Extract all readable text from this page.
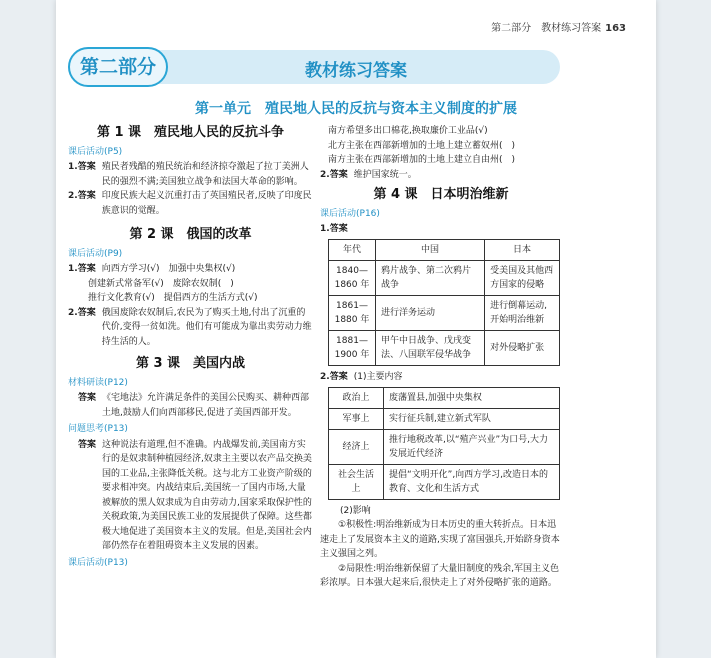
第二部分　教材练习答案 163
第二部分	教材练习答案
第一单元　殖民地人民的反抗与资本主义制度的扩展
第 1 课　殖民地人民的反抗斗争
课后活动(P5)
1. 答案 殖民者残酷的殖民统治和经济掠夺激起了拉丁美洲人民的强烈不满;美国独立战争和法国大革命的影响。
2. 答案 印度民族大起义沉重打击了英国殖民者,反映了印度民族意识的觉醒。
第 2 课　俄国的改革
课后活动(P9)
1. 答案 向西方学习(√)　加强中央集权(√)
创建新式常备军(√)　废除农奴制(　)
推行文化教育(√)　提倡西方的生活方式(√)
2. 答案 俄国废除农奴制后,农民为了购买土地,付出了沉重的代价,变得一贫如洗。他们有可能成为靠出卖劳动力维持生活的人。
第 3 课　美国内战
材料研读(P12)
答案 《宅地法》允许满足条件的美国公民购买、耕种西部土地,鼓励人们向西部移民,促进了美国西部开发。
问题思考(P13)
答案 这种说法有道理,但不准确。内战爆发前,美国南方实行的是奴隶制种植园经济,奴隶主主要以农产品交换美国的工业品,主张降低关税。这与北方工业资产阶级的要求相冲突。内战结束后,美国统一了国内市场,大量被解放的黑人奴隶成为自由劳动力,国家采取保护性的关税政策,为美国民族工业的发展提供了保障。这些都极大地促进了美国资本主义的发展。但是,美国社会内部仍然存在着阻碍资本主义发展的因素。
课后活动(P13)
南方希望多出口棉花,换取廉价工业品(√)
北方主张在西部新增加的土地上建立蓄奴州(　)
南方主张在西部新增加的土地上建立自由州(　)
2. 答案 维护国家统一。
第 4 课　日本明治维新
课后活动(P16)
1. 答案
年代	中国	日本
1840—1860 年	鸦片战争、第二次鸦片战争	受美国及其他西方国家的侵略
1861—1880 年	进行洋务运动	进行倒幕运动,开始明治维新
1881—1900 年	甲午中日战争、戊戌变法、八国联军侵华战争	对外侵略扩张
2. 答案 (1)主要内容
政治上	废藩置县,加强中央集权
军事上	实行征兵制,建立新式军队
经济上	推行地税改革,以“殖产兴业”为口号,大力发展近代经济
社会生活上	提倡“文明开化”,向西方学习,改造日本的教育、文化和生活方式
(2)影响

①积极性:明治维新成为日本历史的重大转折点。日本迅速走上了发展资本主义的道路,实现了富国强兵,开始跻身资本主义强国之列。

②局限性:明治维新保留了大量旧制度的残余,军国主义色彩浓厚。日本强大起来后,很快走上了对外侵略扩张的道路。
